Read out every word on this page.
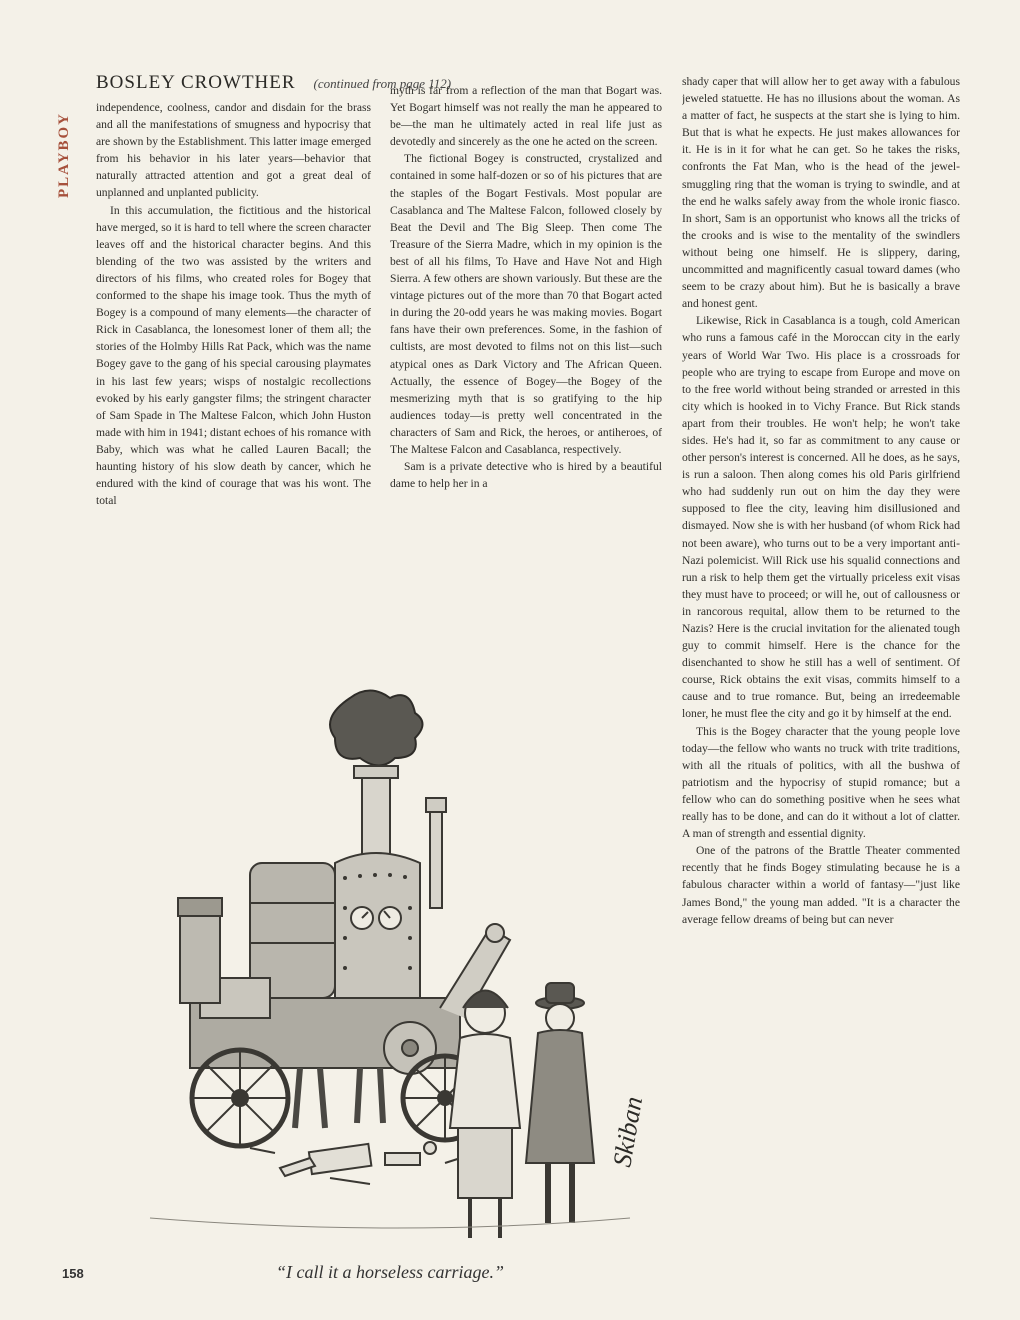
PLAYBOY
BOSLEY CROWTHER (continued from page 112)

independence, coolness, candor and disdain for the brass and all the manifestations of smugness and hypocrisy that are shown by the Establishment. This latter image emerged from his behavior in his later years—behavior that naturally attracted attention and got a great deal of unplanned and unplanted publicity.

In this accumulation, the fictitious and the historical have merged, so it is hard to tell where the screen character leaves off and the historical character begins. And this blending of the two was assisted by the writers and directors of his films, who created roles for Bogey that conformed to the shape his image took. Thus the myth of Bogey is a compound of many elements—the character of Rick in Casablanca, the lonesomest loner of them all; the stories of the Holmby Hills Rat Pack, which was the name Bogey gave to the gang of his special carousing playmates in his last few years; wisps of nostalgic recollections evoked by his early gangster films; the stringent character of Sam Spade in The Maltese Falcon, which John Huston made with him in 1941; distant echoes of his romance with Baby, which was what he called Lauren Bacall; the haunting history of his slow death by cancer, which he endured with the kind of courage that was his wont. The total

myth is far from a reflection of the man that Bogart was. Yet Bogart himself was not really the man he appeared to be—the man he ultimately acted in real life just as devotedly and sincerely as the one he acted on the screen.

The fictional Bogey is constructed, crystalized and contained in some half-dozen or so of his pictures that are the staples of the Bogart Festivals. Most popular are Casablanca and The Maltese Falcon, followed closely by Beat the Devil and The Big Sleep. Then come The Treasure of the Sierra Madre, which in my opinion is the best of all his films, To Have and Have Not and High Sierra. A few others are shown variously. But these are the vintage pictures out of the more than 70 that Bogart acted in during the 20-odd years he was making movies. Bogart fans have their own preferences. Some, in the fashion of cultists, are most devoted to films not on this list—such atypical ones as Dark Victory and The African Queen. Actually, the essence of Bogey—the Bogey of the mesmerizing myth that is so gratifying to the hip audiences today—is pretty well concentrated in the characters of Sam and Rick, the heroes, or antiheroes, of The Maltese Falcon and Casablanca, respectively.

Sam is a private detective who is hired by a beautiful dame to help her in a

shady caper that will allow her to get away with a fabulous jeweled statuette. He has no illusions about the woman. As a matter of fact, he suspects at the start she is lying to him. But that is what he expects. He just makes allowances for it. He is in it for what he can get. So he takes the risks, confronts the Fat Man, who is the head of the jewel-smuggling ring that the woman is trying to swindle, and at the end he walks safely away from the whole ironic fiasco. In short, Sam is an opportunist who knows all the tricks of the crooks and is wise to the mentality of the swindlers without being one himself. He is slippery, daring, uncommitted and magnificently casual toward dames (who seem to be crazy about him). But he is basically a brave and honest gent.

Likewise, Rick in Casablanca is a tough, cold American who runs a famous café in the Moroccan city in the early years of World War Two. His place is a crossroads for people who are trying to escape from Europe and move on to the free world without being stranded or arrested in this city which is hooked in to Vichy France. But Rick stands apart from their troubles. He won't help; he won't take sides. He's had it, so far as commitment to any cause or other person's interest is concerned. All he does, as he says, is run a saloon. Then along comes his old Paris girlfriend who had suddenly run out on him the day they were supposed to flee the city, leaving him disillusioned and dismayed. Now she is with her husband (of whom Rick had not been aware), who turns out to be a very important anti-Nazi polemicist. Will Rick use his squalid connections and run a risk to help them get the virtually priceless exit visas they must have to proceed; or will he, out of callousness or in rancorous requital, allow them to be returned to the Nazis? Here is the crucial invitation for the alienated tough guy to commit himself. Here is the chance for the disenchanted to show he still has a well of sentiment. Of course, Rick obtains the exit visas, commits himself to a cause and to true romance. But, being an irredeemable loner, he must flee the city and go it by himself at the end.

This is the Bogey character that the young people love today—the fellow who wants no truck with trite traditions, with all the rituals of politics, with all the bushwa of patriotism and the hypocrisy of stupid romance; but a fellow who can do something positive when he sees what really has to be done, and can do it without a lot of clatter. A man of strength and essential dignity.

One of the patrons of the Brattle Theater commented recently that he finds Bogey stimulating because he is a fabulous character within a world of fantasy—"just like James Bond," the young man added. "It is a character the average fellow dreams of being but can never

Skiban
“I call it a horseless carriage.”
158
